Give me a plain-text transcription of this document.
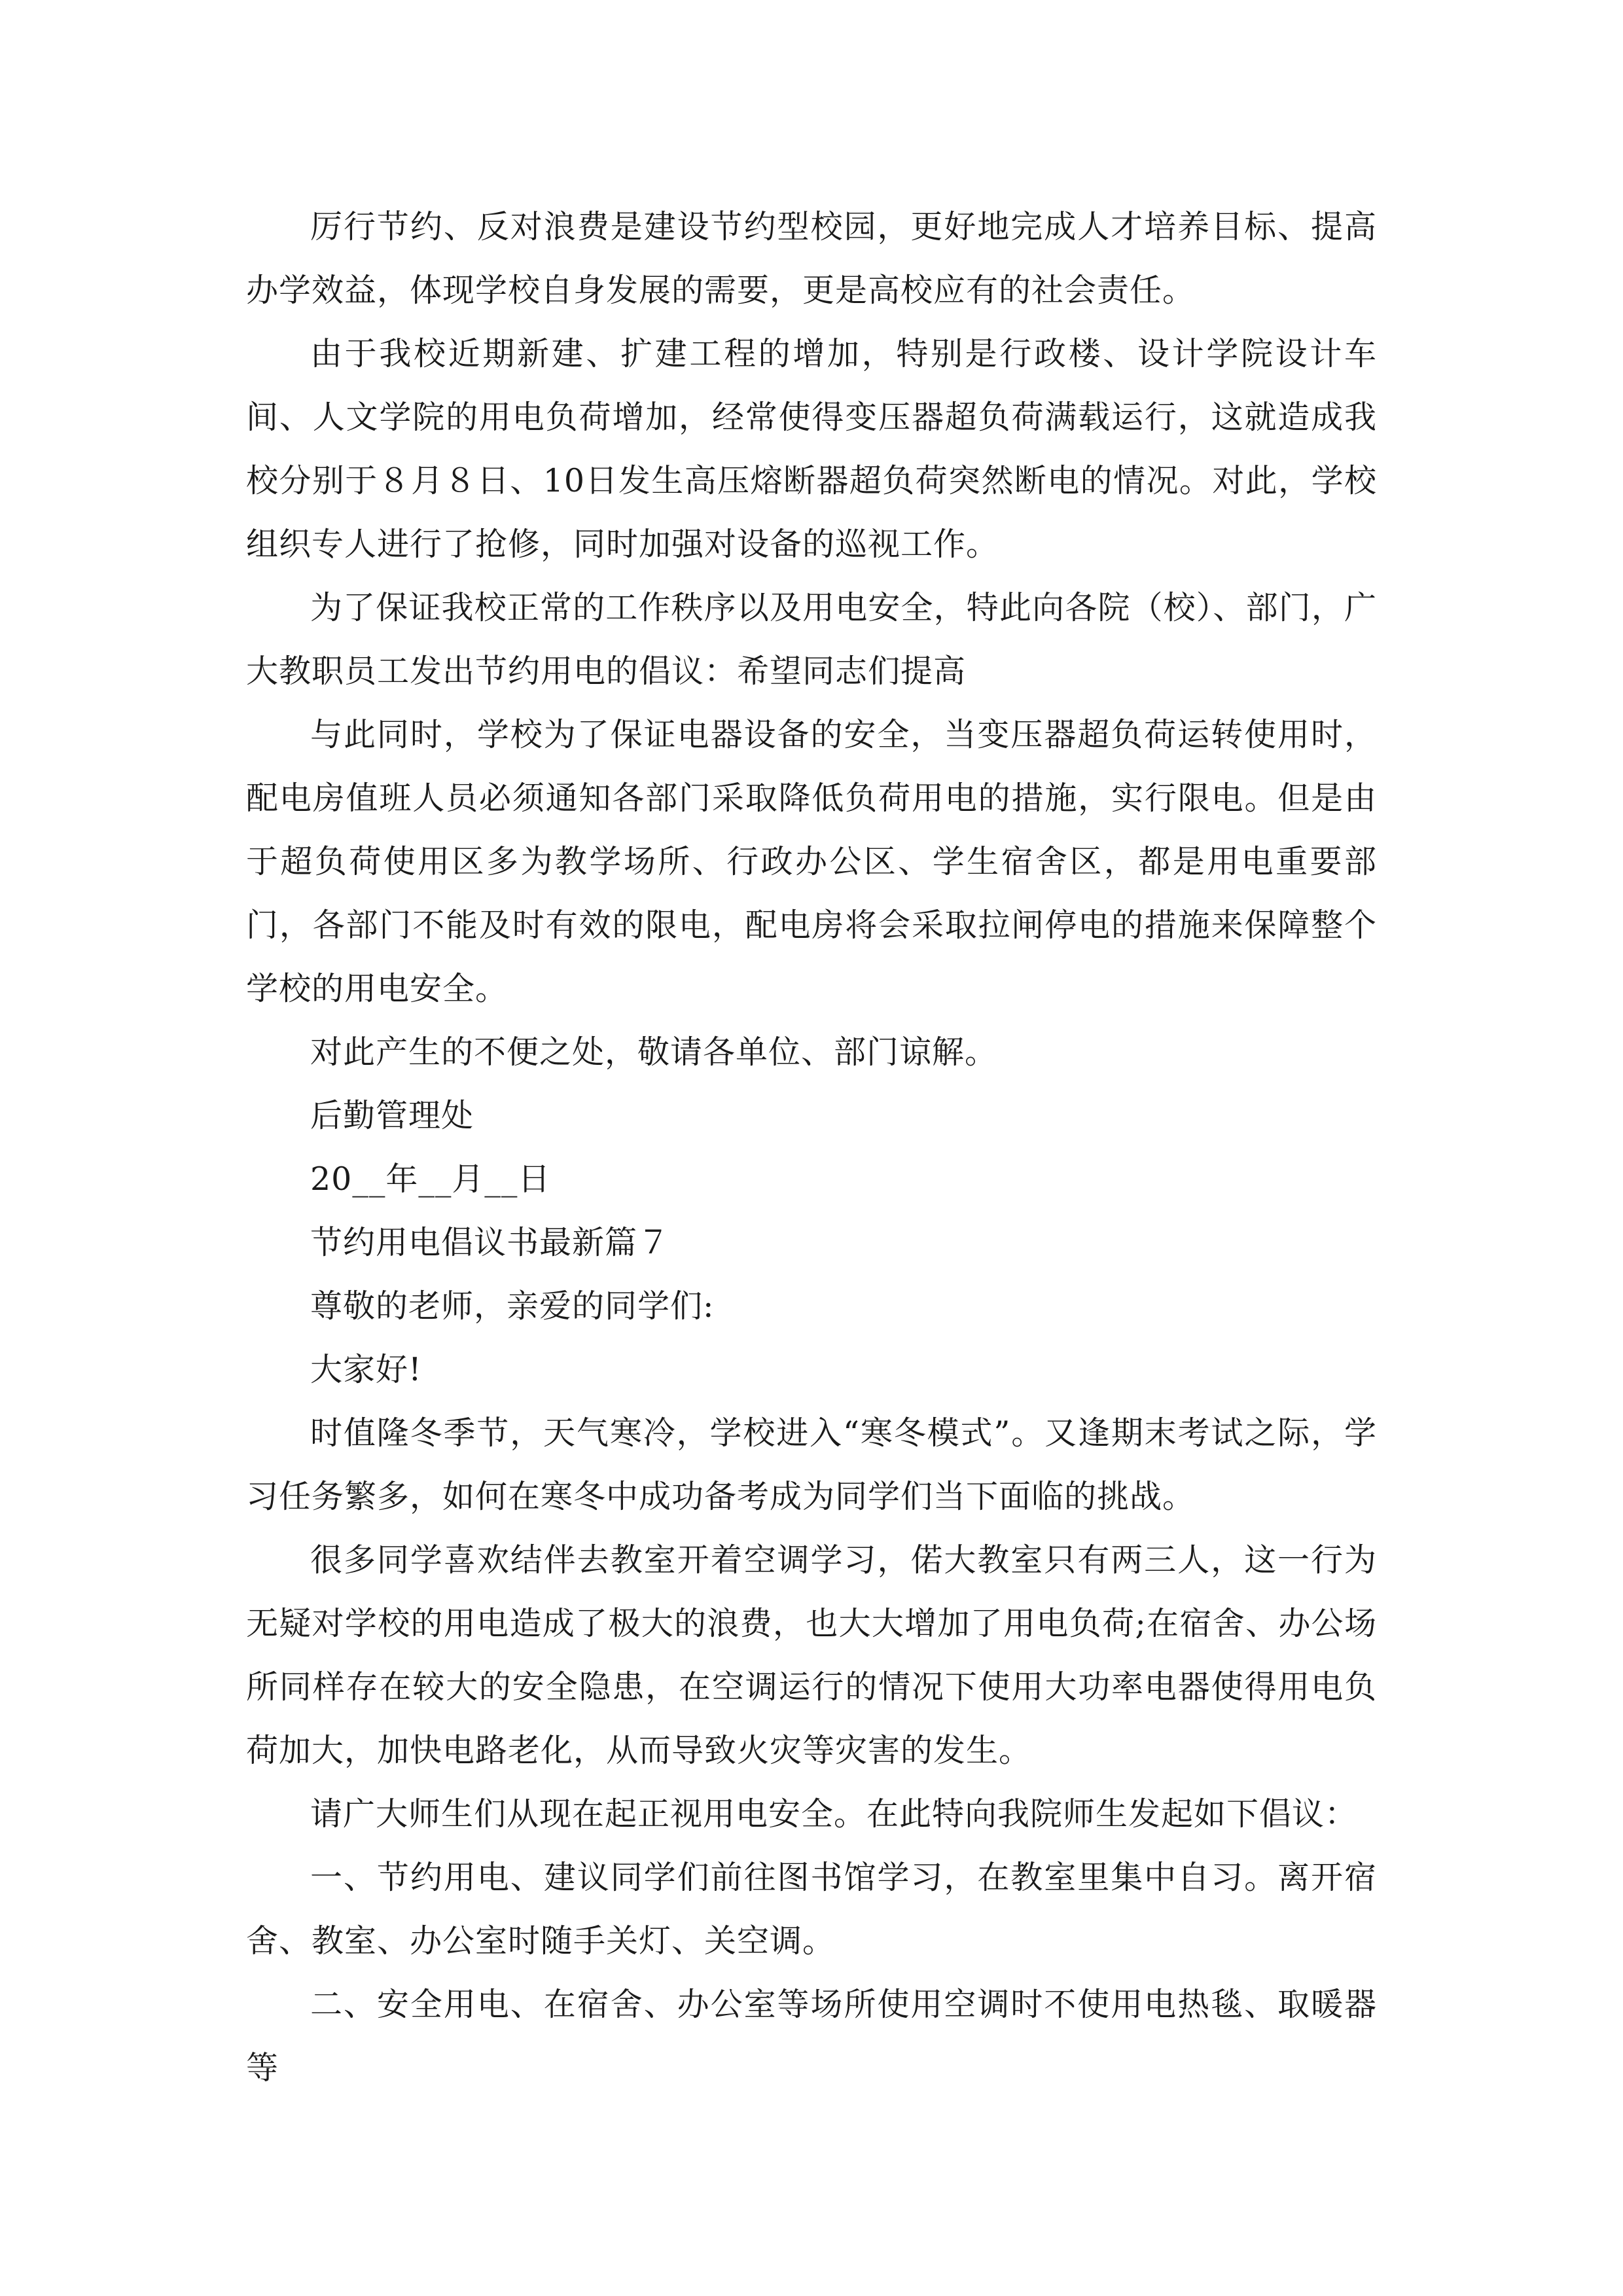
厉行节约、反对浪费是建设节约型校园，更好地完成人才培养目标、提高办学效益，体现学校自身发展的需要，更是高校应有的社会责任。

由于我校近期新建、扩建工程的增加，特别是行政楼、设计学院设计车间、人文学院的用电负荷增加，经常使得变压器超负荷满载运行，这就造成我校分别于８月８日、10日发生高压熔断器超负荷突然断电的情况。对此，学校组织专人进行了抢修，同时加强对设备的巡视工作。

为了保证我校正常的工作秩序以及用电安全，特此向各院（校）、部门，广大教职员工发出节约用电的倡议：希望同志们提高

与此同时，学校为了保证电器设备的安全，当变压器超负荷运转使用时，配电房值班人员必须通知各部门采取降低负荷用电的措施，实行限电。但是由于超负荷使用区多为教学场所、行政办公区、学生宿舍区，都是用电重要部门，各部门不能及时有效的限电，配电房将会采取拉闸停电的措施来保障整个学校的用电安全。

对此产生的不便之处，敬请各单位、部门谅解。

后勤管理处

20__年__月__日

节约用电倡议书最新篇７

尊敬的老师，亲爱的同学们:

大家好!

时值隆冬季节，天气寒冷，学校进入“寒冬模式”。又逢期末考试之际，学习任务繁多，如何在寒冬中成功备考成为同学们当下面临的挑战。

很多同学喜欢结伴去教室开着空调学习，偌大教室只有两三人，这一行为无疑对学校的用电造成了极大的浪费，也大大增加了用电负荷;在宿舍、办公场所同样存在较大的安全隐患，在空调运行的情况下使用大功率电器使得用电负荷加大，加快电路老化，从而导致火灾等灾害的发生。

请广大师生们从现在起正视用电安全。在此特向我院师生发起如下倡议：

一、节约用电、建议同学们前往图书馆学习，在教室里集中自习。离开宿舍、教室、办公室时随手关灯、关空调。

二、安全用电、在宿舍、办公室等场所使用空调时不使用电热毯、取暖器等
